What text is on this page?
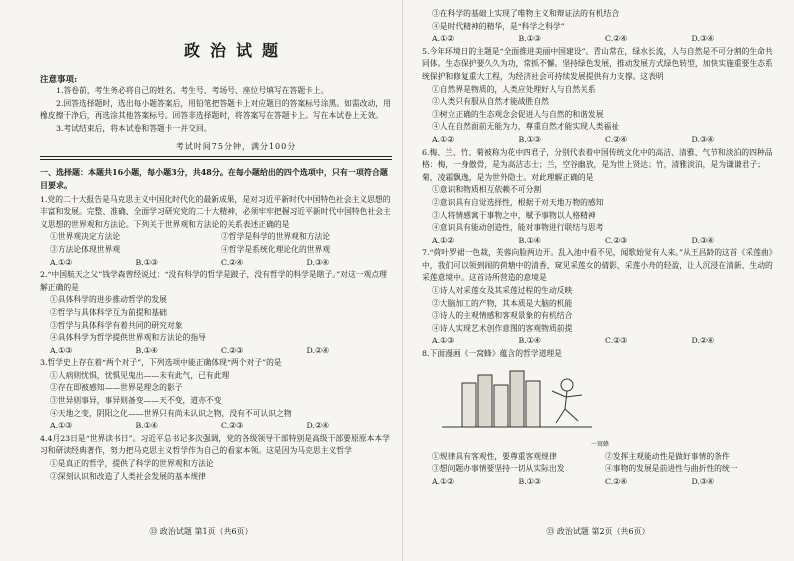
政治试题

注意事项:

1.答卷前，考生务必将自己的姓名、考生号、考场号、座位号填写在答题卡上。

2.回答选择题时，选出每小题答案后，用铅笔把答题卡上对应题目的答案标号涂黑。如需改动，用橡皮擦干净后，再选涂其他答案标号。回答非选择题时，将答案写在答题卡上。写在本试卷上无效。

3.考试结束后，将本试卷和答题卡一并交回。

考试时间75分钟，满分100分

一、选择题：本题共16小题，每小题3分，共48分。在每小题给出的四个选项中，只有一项符合题目要求。

1.党的二十大报告是马克思主义中国化时代化的最新成果，是对习近平新时代中国特色社会主义思想的丰富和发展。完整、准确、全面学习研究党的二十大精神，必须牢牢把握习近平新时代中国特色社会主义思想的世界观和方法论。下列关于世界观和方法论的关系表述正确的是

①世界观决定方法论	②哲学是科学的世界观和方法论
③方法论体现世界观	④哲学是系统化理论化的世界观
A.①②	B.①③	C.②④	D.③④

2.“中国航天之父”钱学森曾经说过：“没有科学的哲学是跛子，没有哲学的科学是瞎子。”对这一观点理解正确的是

①具体科学的进步推动哲学的发展

②哲学与具体科学互为前提和基础

③哲学与具体科学有着共同的研究对象

④具体科学为哲学提供世界观和方法论的指导

A.①③	B.①④	C.②③	D.②④

3.哲学史上存在着“两个对子”，下列选项中能正确体现“两个对子”的是

①人病则忧惧，忧惧见鬼出——未有此气，已有此理

②存在即被感知——世界是理念的影子

③世异则事异，事异则备变——天不变，道亦不变

④天地之变，阴阳之化——世界只有尚未认识之物，没有不可认识之物

A.①③	B.①④	C.②③	D.②④

4.4月23日是“世界读书日”。习近平总书记多次强调，党的各级领导干部特别是高级干部要原原本本学习和研读经典著作，努力把马克思主义哲学作为自己的看家本领。这是因为马克思主义哲学

①是真正的哲学，提供了科学的世界观和方法论

②深刻认识和改造了人类社会发展的基本规律

⑬ 政治试题 第1页（共6页）

③在科学的基础上实现了唯物主义和辩证法的有机结合

④是时代精神的精华，是“科学之科学”

A.①②	B.①③	C.②④	D.③④

5.今年环境日的主题是“全面推进美丽中国建设”。青山常在，绿水长流，人与自然是不可分割的生命共同体。生态保护要久久为功，常抓不懈。坚持绿色发展，推动发展方式绿色转型，加快实施重要生态系统保护和修复重大工程，为经济社会可持续发展提供有力支撑。这表明

①自然界是物质的，人类应处理好人与自然关系

②人类只有服从自然才能战胜自然

③树立正确的生态观念会促进人与自然的和谐发展

④人在自然面前无能为力，尊重自然才能实现人类福祉

A.①②	B.①③	C.②④	D.③④

6.梅、兰、竹、菊被称为花中四君子，分别代表着中国传统文化中的高洁、清雅、气节和淡泊的四种品格：梅，一身傲骨，是为高洁志士；兰，空谷幽放，是为世上贤达；竹，清雅淡泊，是为谦谦君子；菊，凌霜飘逸，是为世外隐士。对此理解正确的是

①意识和物质相互依赖不可分割

②意识具有自觉选择性，根据于对天地万物的感知

③人将情感寓于事物之中，赋予事物以人格精神

④意识具有能动创造性，能对事物进行联结与思考

A.①②	B.①④	C.②③	D.③④

7.“荷叶罗裙一色裁，芙蓉向脸两边开。乱入池中看不见，闻歌始觉有人来。”从王昌龄的这首《采莲曲》中，我们可以领到闹的荷塘中的清香，窥见采莲女的倩影，采莲小舟的轻盈，让人沉浸在清新、生动的采莲意境中。这首诗所营造的意境是

①诗人对采莲女及其采莲过程的生动反映

②大脑加工的产物，其本质是大脑的机能

③诗人的主观情感和客观景象的有机结合

④诗人实现艺术创作意图的客观物质前提

A.①③	B.①④	C.②③	D.②④

8.下面漫画《一窝蜂》蕴含的哲学道理是

一窝蜂

①规律具有客观性，要尊重客观规律	②发挥主观能动性是做好事情的条件
③想问题办事情要坚持一切从实际出发	④事物的发展是前进性与曲折性的统一
A.①②	B.①③	C.②④	D.③④
⑬ 政治试题 第2页（共6页）
